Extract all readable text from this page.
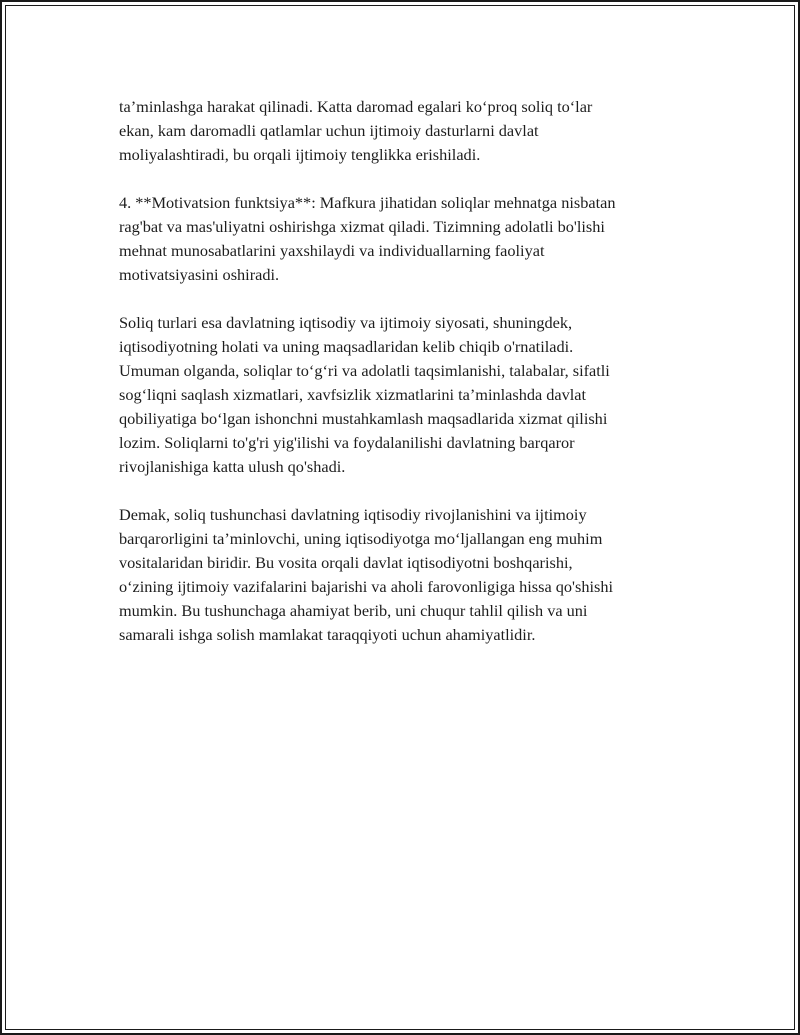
ta’minlashga harakat qilinadi. Katta daromad egalari ko‘proq soliq to‘lar
ekan, kam daromadli qatlamlar uchun ijtimoiy dasturlarni davlat
moliyalashtiradi, bu orqali ijtimoiy tenglikka erishiladi.

4. **Motivatsion funktsiya**: Mafkura jihatidan soliqlar mehnatga nisbatan
rag'bat va mas'uliyatni oshirishga xizmat qiladi. Tizimning adolatli bo'lishi
mehnat munosabatlarini yaxshilaydi va individuallarning faoliyat
motivatsiyasini oshiradi.

Soliq turlari esa davlatning iqtisodiy va ijtimoiy siyosati, shuningdek,
iqtisodiyotning holati va uning maqsadlaridan kelib chiqib o'rnatiladi.
Umuman olganda, soliqlar to‘g‘ri va adolatli taqsimlanishi, talabalar, sifatli
sog‘liqni saqlash xizmatlari, xavfsizlik xizmatlarini ta’minlashda davlat
qobiliyatiga bo‘lgan ishonchni mustahkamlash maqsadlarida xizmat qilishi
lozim. Soliqlarni to'g'ri yig'ilishi va foydalanilishi davlatning barqaror
rivojlanishiga katta ulush qo'shadi.

Demak, soliq tushunchasi davlatning iqtisodiy rivojlanishini va ijtimoiy
barqarorligini ta’minlovchi, uning iqtisodiyotga mo‘ljallangan eng muhim
vositalaridan biridir. Bu vosita orqali davlat iqtisodiyotni boshqarishi,
o‘zining ijtimoiy vazifalarini bajarishi va aholi farovonligiga hissa qo'shishi
mumkin. Bu tushunchaga ahamiyat berib, uni chuqur tahlil qilish va uni
samarali ishga solish mamlakat taraqqiyoti uchun ahamiyatlidir.
